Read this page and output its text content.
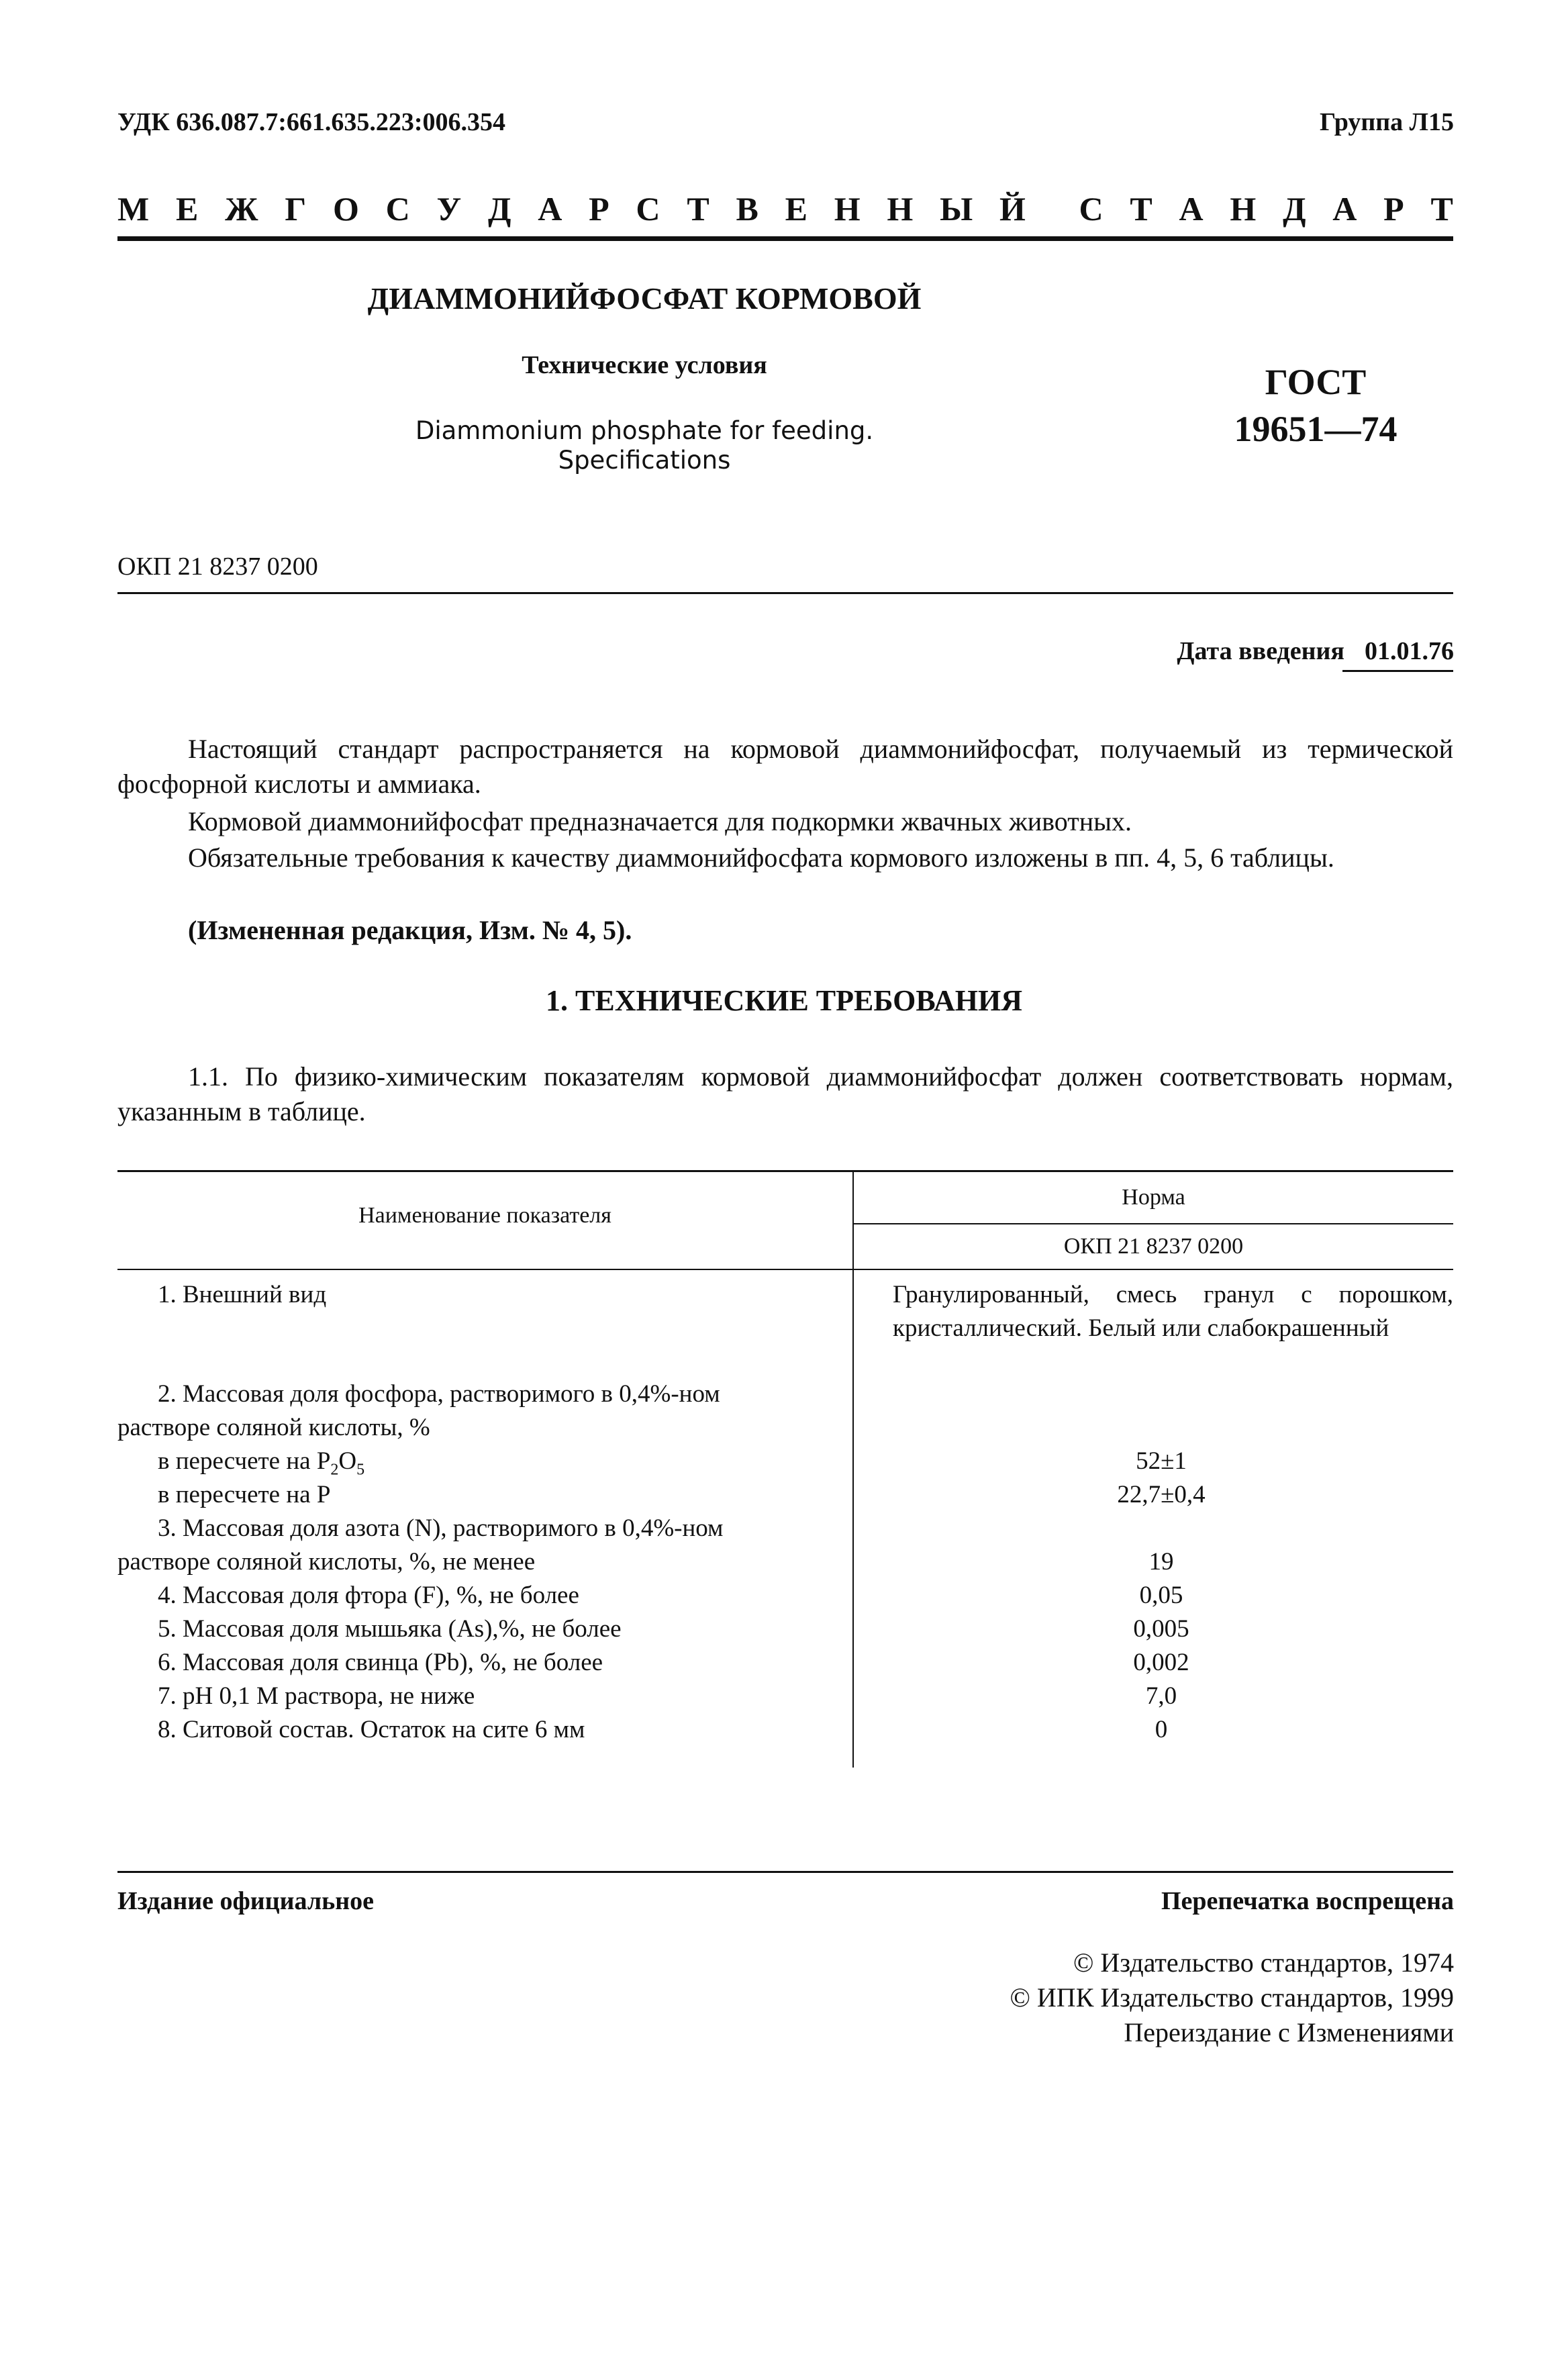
УДК 636.087.7:661.635.223:006.354	Группа Л15
М Е Ж Г О С У Д А Р С Т В Е Н Н Ы Й С Т А Н Д А Р Т
ДИАММОНИЙФОСФАТ КОРМОВОЙ
Технические условия
Diammonium phosphate for feeding.
Specifications
ГОСТ
19651—74
ОКП 21 8237 0200
Дата введения 01.01.76
Настоящий стандарт распространяется на кормовой диаммонийфосфат, получаемый из термической фосфорной кислоты и аммиака.
Кормовой диаммонийфосфат предназначается для подкормки жвачных животных.
Обязательные требования к качеству диаммонийфосфата кормового изложены в пп. 4, 5, 6 таблицы.
(Измененная редакция, Изм. № 4, 5).
1. ТЕХНИЧЕСКИЕ ТРЕБОВАНИЯ
1.1. По физико-химическим показателям кормовой диаммонийфосфат должен соответствовать нормам, указанным в таблице.
Наименование показателя
Норма
ОКП 21 8237 0200
1. Внешний вид	Гранулированный, смесь гранул с порошком, кристаллический. Белый или слабокрашенный
2. Массовая доля фосфора, растворимого в 0,4%-ном
растворе соляной кислоты, %
в пересчете на $P_2O_5$	52±1
в пересчете на P	22,7±0,4
3. Массовая доля азота (N), растворимого в 0,4%-ном
растворе соляной кислоты, %, не менее	19
4. Массовая доля фтора (F), %, не более	0,05
5. Массовая доля мышьяка (As),%, не более	0,005
6. Массовая доля свинца (Pb), %, не более	0,002
7. pH 0,1 М раствора, не ниже	7,0
8. Ситовой состав. Остаток на сите 6 мм	0
Издание официальное	Перепечатка воспрещена
© Издательство стандартов, 1974
© ИПК Издательство стандартов, 1999
Переиздание с Изменениями
